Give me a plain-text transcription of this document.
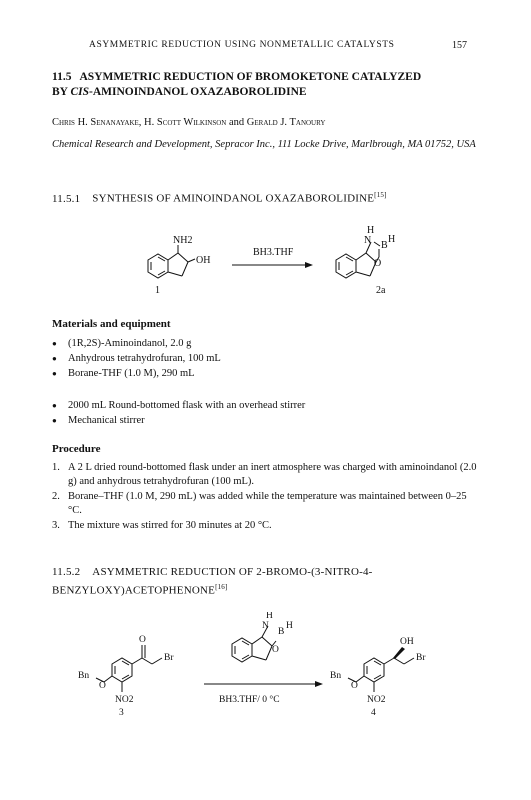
ASYMMETRIC REDUCTION USING NONMETALLIC CATALYSTS	157
11.5 ASYMMETRIC REDUCTION OF BROMOKETONE CATALYZED
BY CIS-AMINOINDANOL OXAZABOROLIDINE
Chris H. Senanayake, H. Scott Wilkinson and Gerald J. Tanoury
Chemical Research and Development, Sepracor Inc., 111 Locke Drive, Marlbrough, MA 01752, USA
11.5.1 SYNTHESIS OF AMINOINDANOL OXAZABOROLIDINE[15]
NH2
OH
1
BH3.THF
H
N B
H
O
2a
Materials and equipment
● (1R,2S)-Aminoindanol, 2.0 g
● Anhydrous tetrahydrofuran, 100 mL
● Borane-THF (1.0 M), 290 mL
● 2000 mL Round-bottomed flask with an overhead stirrer
● Mechanical stirrer
Procedure
1. A 2 L dried round-bottomed flask under an inert atmosphere was charged with aminoindanol (2.0 g) and anhydrous tetrahydrofuran (100 mL).
2. Borane–THF (1.0 M, 290 mL) was added while the temperature was maintained between 0–25 °C.
3. The mixture was stirred for 30 minutes at 20 °C.
11.5.2 ASYMMETRIC REDUCTION OF 2-BROMO-(3-NITRO-4-
BENZYLOXY)ACETOPHENONE[16]
O
Br
Bn
O
NO2
3
H
N
B
H
O
BH3.THF/ 0 °C
OH
Br
Bn
O
NO2
4
